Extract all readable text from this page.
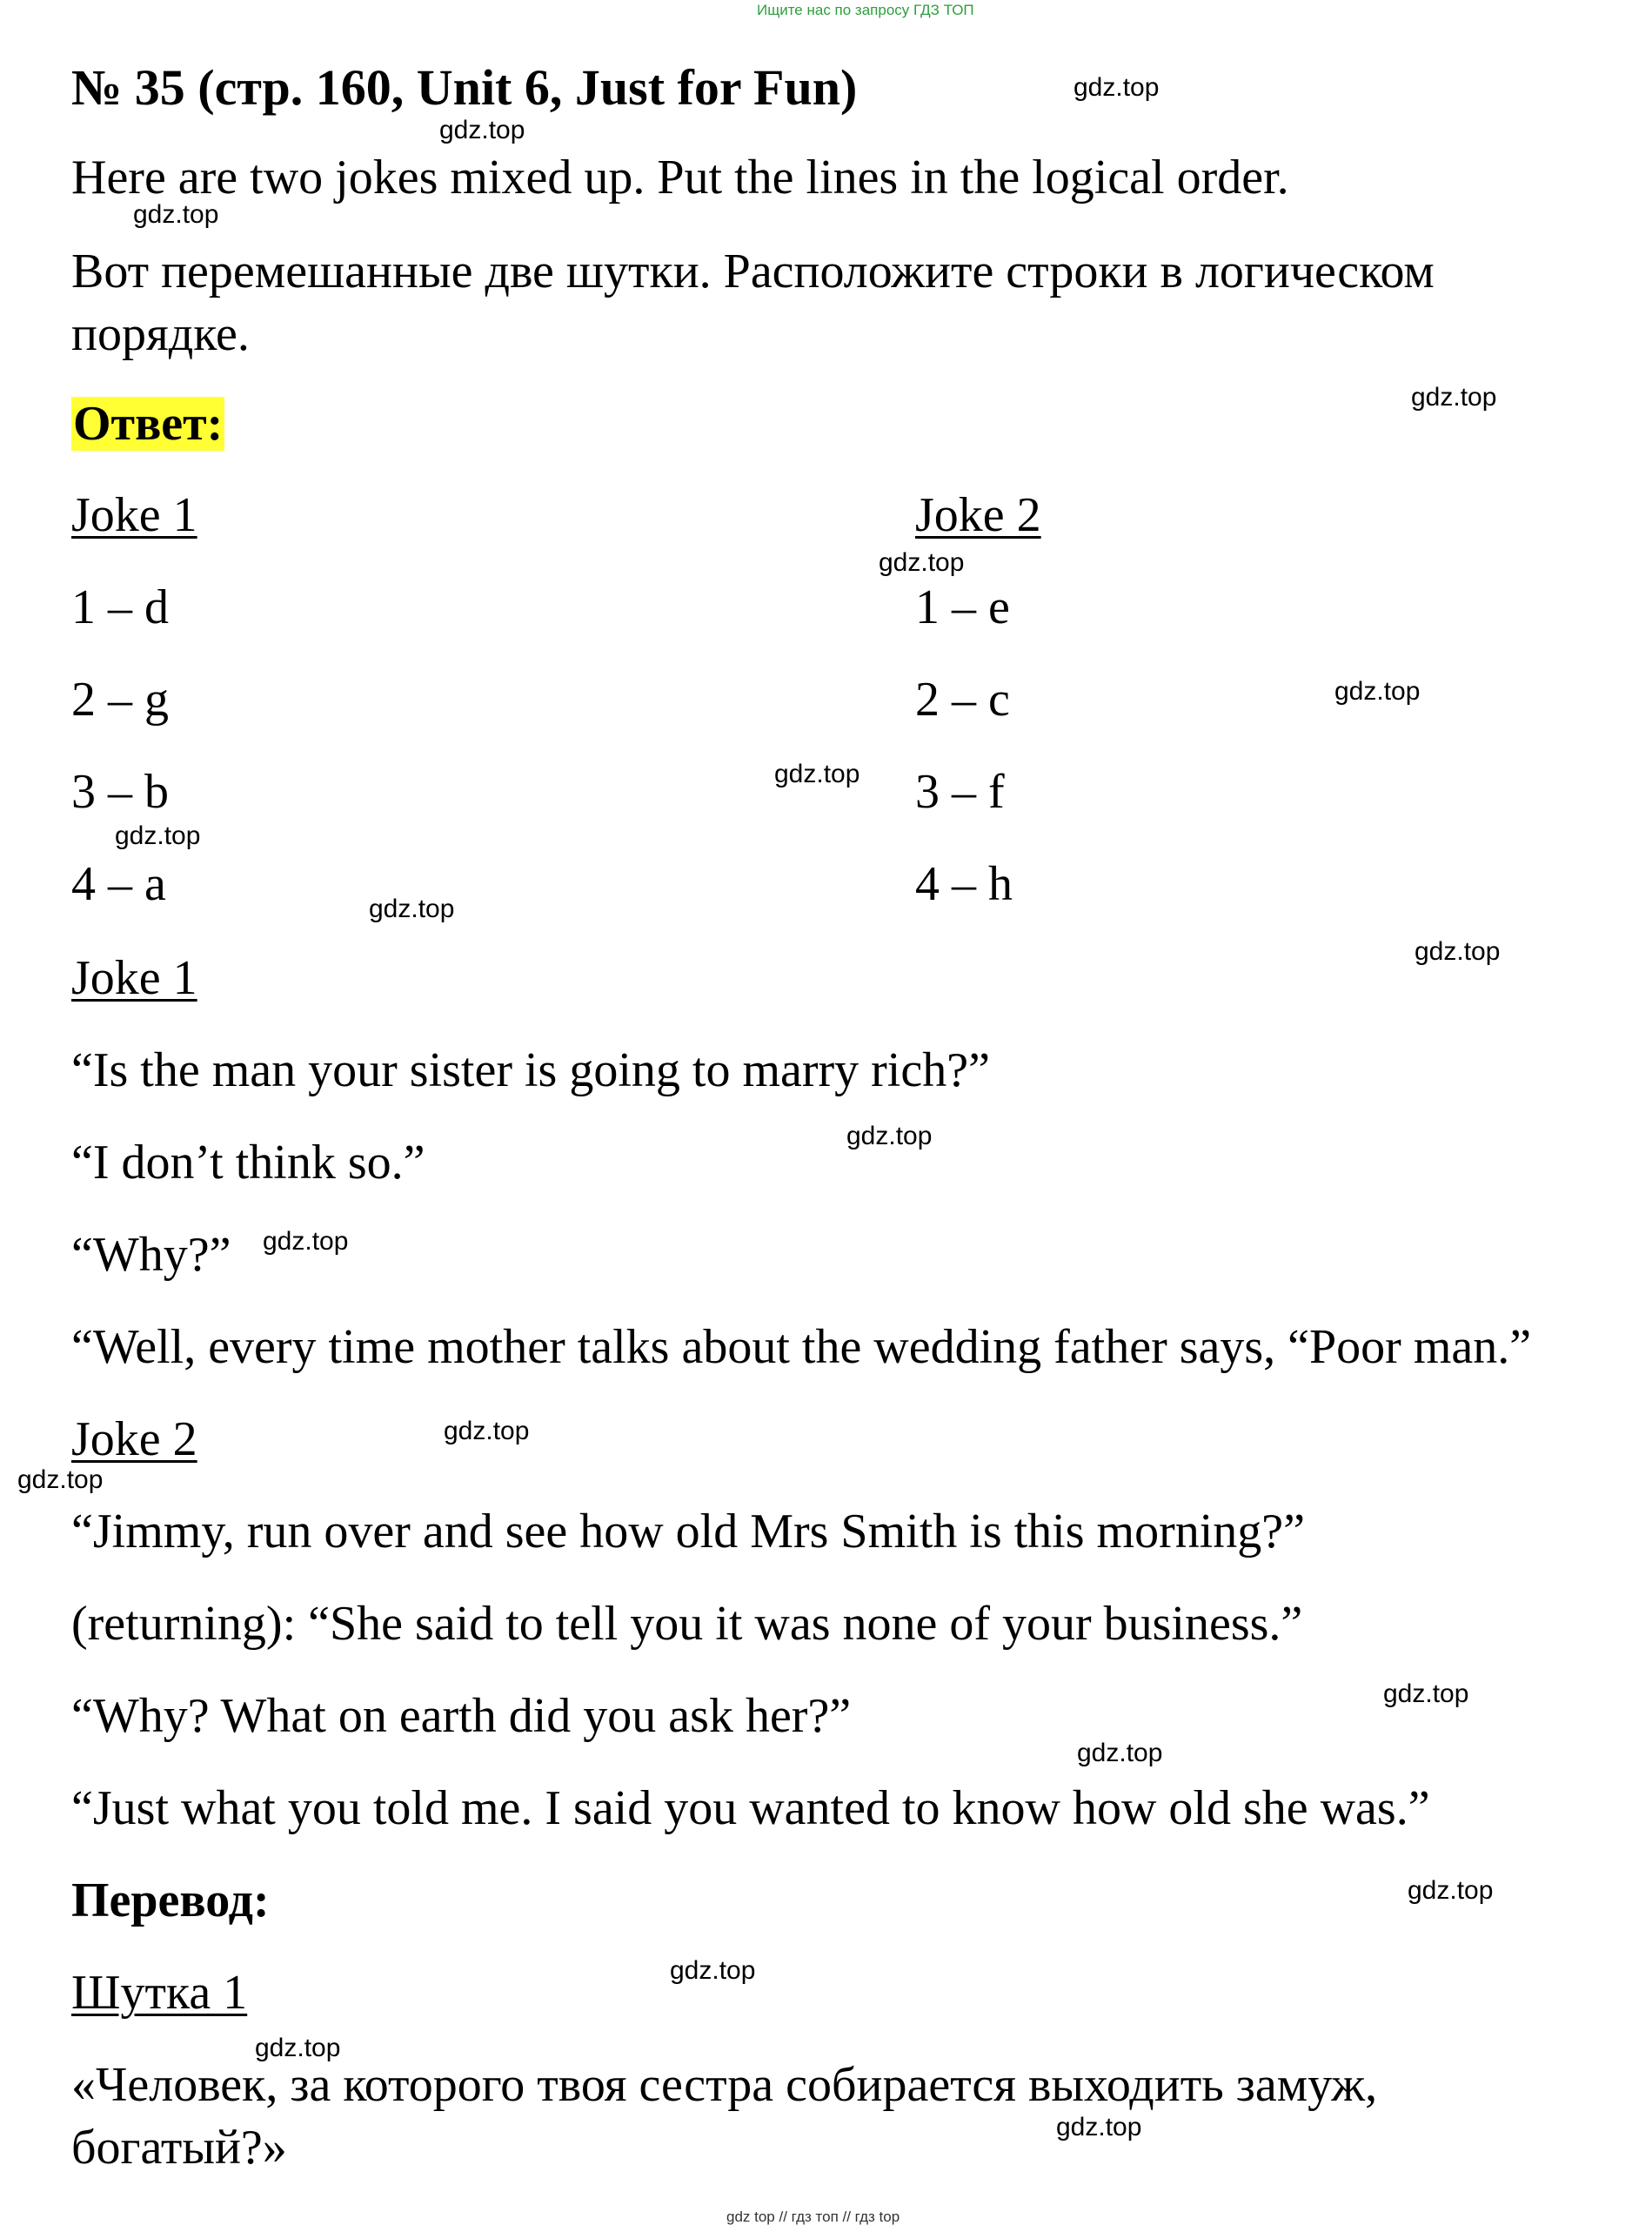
Ищите нас по запросу ГДЗ ТОП
№ 35 (стр. 160, Unit 6, Just for Fun)
Here are two jokes mixed up. Put the lines in the logical order.
Вот перемешанные две шутки. Расположите строки в логическом
порядке.
Ответ:
Joke 1	Joke 2
1 – d
2 – g
3 – b
4 – a
1 – e
2 – c
3 – f
4 – h
Joke 1
“Is the man your sister is going to marry rich?”
“I don’t think so.”
“Why?”
“Well, every time mother talks about the wedding father says, “Poor man.”
Joke 2
“Jimmy, run over and see how old Mrs Smith is this morning?”
(returning): “She said to tell you it was none of your business.”
“Why? What on earth did you ask her?”
“Just what you told me. I said you wanted to know how old she was.”
Перевод:
Шутка 1
«Человек, за которого твоя сестра собирается выходить замуж,
богатый?»
gdz.top
gdz.top
gdz.top
gdz.top
gdz.top
gdz.top
gdz.top
gdz.top
gdz.top
gdz.top
gdz.top
gdz.top
gdz.top
gdz.top
gdz.top
gdz.top
gdz.top
gdz.top
gdz.top
gdz.top
gdz top // гдз топ // гдз top
